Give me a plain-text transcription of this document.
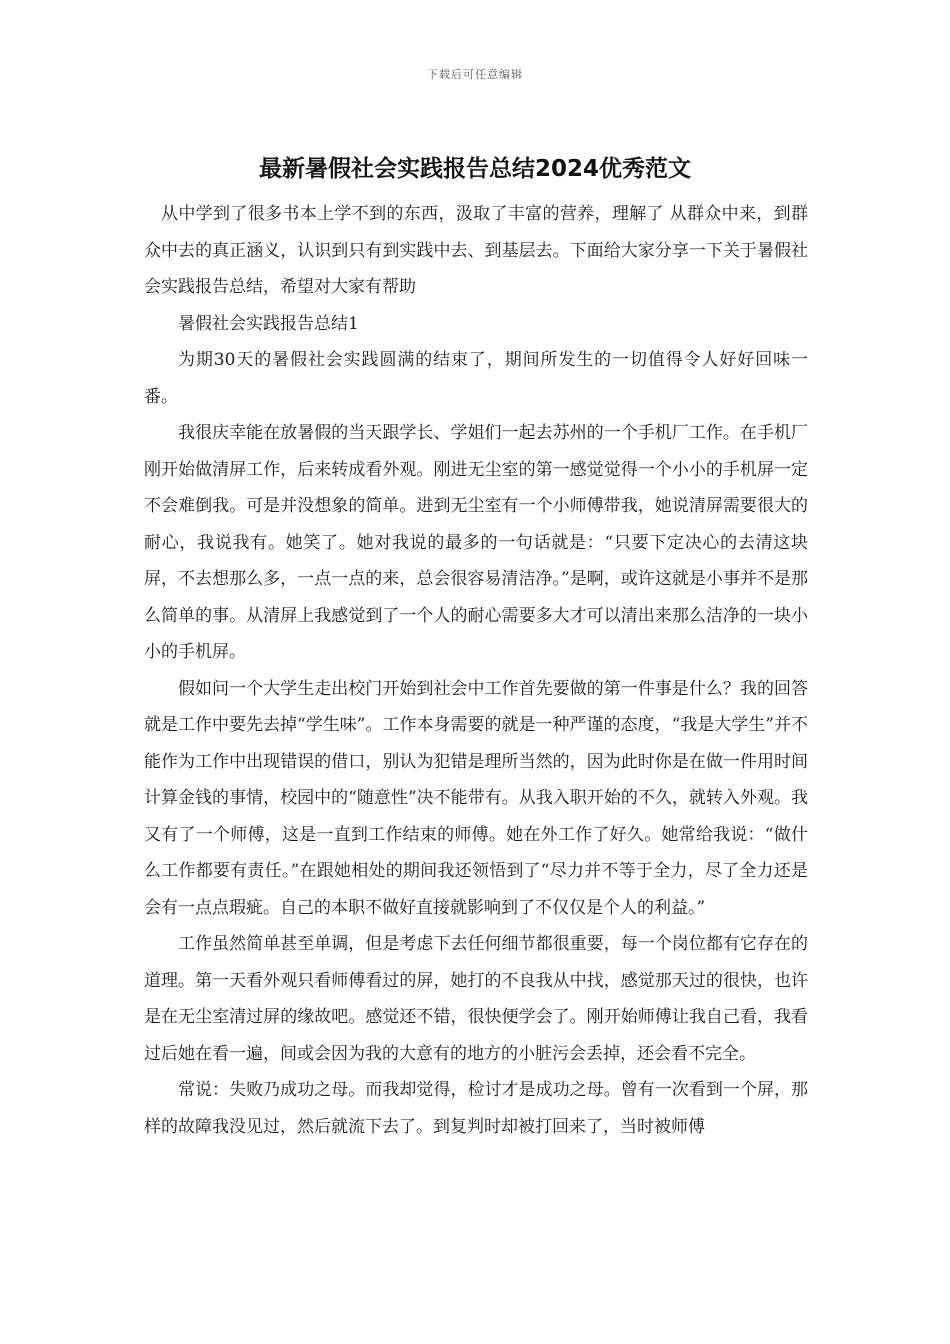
下载后可任意编辑
最新暑假社会实践报告总结2024优秀范文

从中学到了很多书本上学不到的东西，汲取了丰富的营养，理解了 从群众中来，到群众中去的真正涵义，认识到只有到实践中去、到基层去。下面给大家分享一下关于暑假社会实践报告总结，希望对大家有帮助

暑假社会实践报告总结1

为期30天的暑假社会实践圆满的结束了，期间所发生的一切值得令人好好回味一番。

我很庆幸能在放暑假的当天跟学长、学姐们一起去苏州的一个手机厂工作。在手机厂刚开始做清屏工作，后来转成看外观。刚进无尘室的第一感觉觉得一个小小的手机屏一定不会难倒我。可是并没想象的简单。进到无尘室有一个小师傅带我，她说清屏需要很大的耐心，我说我有。她笑了。她对我说的最多的一句话就是：“只要下定决心的去清这块屏，不去想那么多，一点一点的来，总会很容易清洁净。”是啊，或许这就是小事并不是那么简单的事。从清屏上我感觉到了一个人的耐心需要多大才可以清出来那么洁净的一块小小的手机屏。

假如问一个大学生走出校门开始到社会中工作首先要做的第一件事是什么？我的回答就是工作中要先去掉“学生味”。工作本身需要的就是一种严谨的态度，“我是大学生”并不能作为工作中出现错误的借口，别认为犯错是理所当然的，因为此时你是在做一件用时间计算金钱的事情，校园中的“随意性”决不能带有。从我入职开始的不久，就转入外观。我又有了一个师傅，这是一直到工作结束的师傅。她在外工作了好久。她常给我说：“做什么工作都要有责任。”在跟她相处的期间我还领悟到了“尽力并不等于全力，尽了全力还是会有一点点瑕疵。自己的本职不做好直接就影响到了不仅仅是个人的利益。”

工作虽然简单甚至单调，但是考虑下去任何细节都很重要，每一个岗位都有它存在的道理。第一天看外观只看师傅看过的屏，她打的不良我从中找，感觉那天过的很快，也许是在无尘室清过屏的缘故吧。感觉还不错，很快便学会了。刚开始师傅让我自己看，我看过后她在看一遍，间或会因为我的大意有的地方的小脏污会丢掉，还会看不完全。

常说：失败乃成功之母。而我却觉得，检讨才是成功之母。曾有一次看到一个屏，那样的故障我没见过，然后就流下去了。到复判时却被打回来了，当时被师傅
